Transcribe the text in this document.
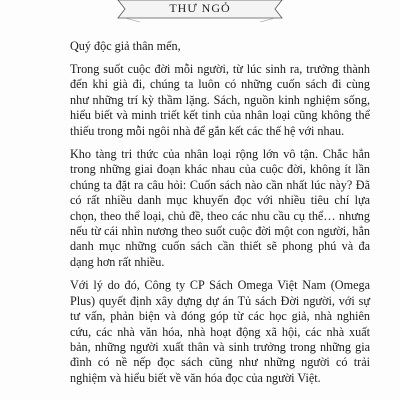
THƯ NGỎ

Quý độc giả thân mến,

Trong suốt cuộc đời mỗi người, từ lúc sinh ra, trưởng thành đến khi già đi, chúng ta luôn có những cuốn sách đi cùng như những trí kỳ thầm lặng. Sách, nguồn kinh nghiệm sống, hiểu biết và minh triết kết tinh của nhân loại cũng không thể thiếu trong mỗi ngôi nhà để gắn kết các thế hệ với nhau.

Kho tàng tri thức của nhân loại rộng lớn vô tận. Chắc hẳn trong những giai đoạn khác nhau của cuộc đời, không ít lần chúng ta đặt ra câu hỏi: Cuốn sách nào cần nhất lúc này? Đã có rất nhiều danh mục khuyến đọc với nhiều tiêu chí lựa chọn, theo thể loại, chủ đề, theo các nhu cầu cụ thể… nhưng nếu từ cái nhìn nương theo suốt cuộc đời một con người, hẳn danh mục những cuốn sách cần thiết sẽ phong phú và đa dạng hơn rất nhiều.

Với lý do đó, Công ty CP Sách Omega Việt Nam (Omega Plus) quyết định xây dựng dự án Tủ sách Đời người, với sự tư vấn, phản biện và đóng góp từ các học giả, nhà nghiên cứu, các nhà văn hóa, nhà hoạt động xã hội, các nhà xuất bản, những người xuất thân và sinh trưởng trong những gia đình có nề nếp đọc sách cũng như những người có trải nghiệm và hiểu biết về văn hóa đọc của người Việt.
